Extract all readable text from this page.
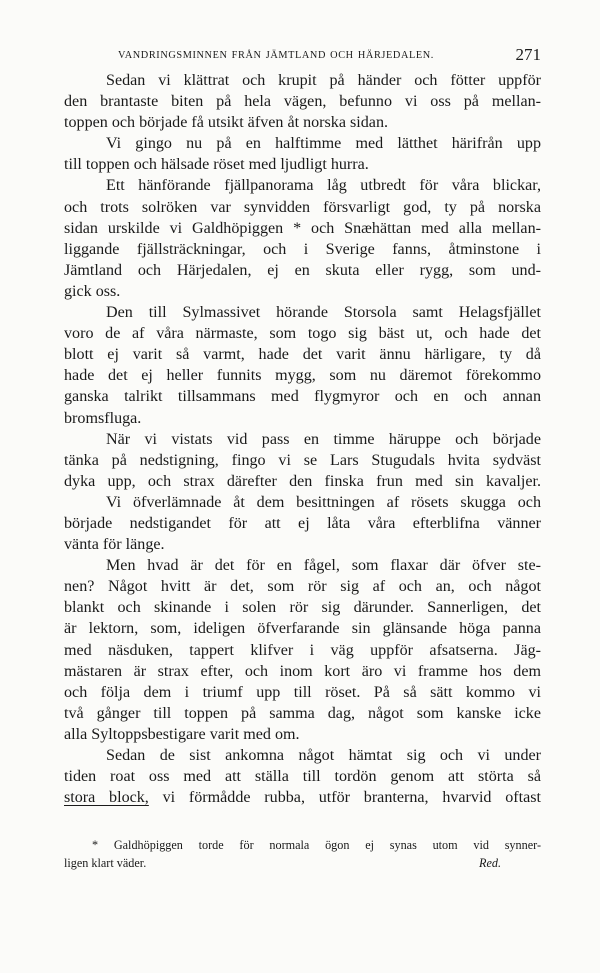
VANDRINGSMINNEN FRÅN JÄMTLAND OCH HÄRJEDALEN.	271
Sedan vi klättrat och krupit på händer och fötter uppför
den brantaste biten på hela vägen, befunno vi oss på mellan-
toppen och började få utsikt äfven åt norska sidan.
Vi gingo nu på en halftimme med lätthet härifrån upp
till toppen och hälsade röset med ljudligt hurra.
Ett hänförande fjällpanorama låg utbredt för våra blickar,
och trots solröken var synvidden försvarligt god, ty på norska
sidan urskilde vi Galdhöpiggen * och Snæhättan med alla mellan-
liggande fjällsträckningar, och i Sverige fanns, åtminstone i
Jämtland och Härjedalen, ej en skuta eller rygg, som und-
gick oss.
Den till Sylmassivet hörande Storsola samt Helagsfjället
voro de af våra närmaste, som togo sig bäst ut, och hade det
blott ej varit så varmt, hade det varit ännu härligare, ty då
hade det ej heller funnits mygg, som nu däremot förekommo
ganska talrikt tillsammans med flygmyror och en och annan
bromsfluga.
När vi vistats vid pass en timme häruppe och började
tänka på nedstigning, fingo vi se Lars Stugudals hvita sydväst
dyka upp, och strax därefter den finska frun med sin kavaljer.
Vi öfverlämnade åt dem besittningen af rösets skugga och
började nedstigandet för att ej låta våra efterblifna vänner
vänta för länge.
Men hvad är det för en fågel, som flaxar där öfver ste-
nen? Något hvitt är det, som rör sig af och an, och något
blankt och skinande i solen rör sig därunder. Sannerligen, det
är lektorn, som, ideligen öfverfarande sin glänsande höga panna
med näsduken, tappert klifver i väg uppför afsatserna. Jäg-
mästaren är strax efter, och inom kort äro vi framme hos dem
och följa dem i triumf upp till röset. På så sätt kommo vi
två gånger till toppen på samma dag, något som kanske icke
alla Syltoppsbestigare varit med om.
Sedan de sist ankomna något hämtat sig och vi under
tiden roat oss med att ställa till tordön genom att störta så
stora block, vi förmådde rubba, utför branterna, hvarvid oftast
* Galdhöpiggen torde för normala ögon ej synas utom vid synner-
ligen klart väder.	Red.
